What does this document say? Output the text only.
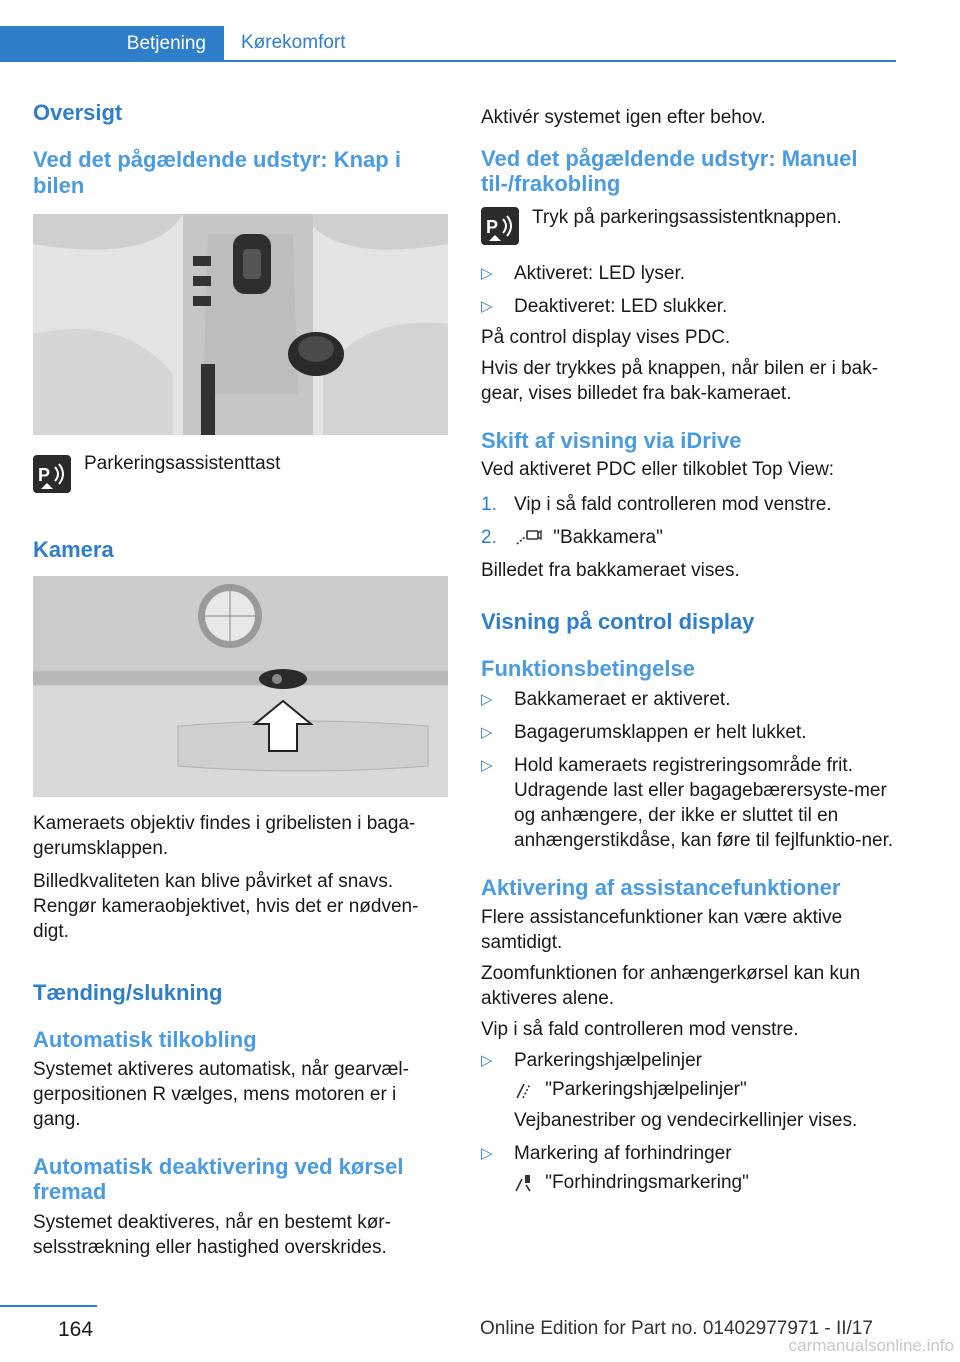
Betjening	Kørekomfort
Oversigt
Ved det pågældende udstyr: Knap i bilen
P

Parkeringsassistenttast

Kamera

Kameraets objektiv findes i gribelisten i baga‐gerumsklappen.

Billedkvaliteten kan blive påvirket af snavs. Rengør kameraobjektivet, hvis det er nødven‐digt.

Tænding/slukning
Automatisk tilkobling

Systemet aktiveres automatisk, når gearvæl‐gerpositionen R vælges, mens motoren er i gang.

Automatisk deaktivering ved kørsel fremad

Systemet deaktiveres, når en bestemt kør‐selsstrækning eller hastighed overskrides.

Aktivér systemet igen efter behov.

Ved det pågældende udstyr: Manuel til-/frakobling
P Tryk på parkeringsassistentknappen.

▷ Aktiveret: LED lyser.
▷ Deaktiveret: LED slukker.

På control display vises PDC.

Hvis der trykkes på knappen, når bilen er i bak‐gear, vises billedet fra bak-kameraet.

Skift af visning via iDrive

Ved aktiveret PDC eller tilkoblet Top View:

1. Vip i så fald controlleren mod venstre.
2.	"Bakkamera"

Billedet fra bakkameraet vises.

Visning på control display
Funktionsbetingelse
▷ Bakkameraet er aktiveret.
▷ Bagagerumsklappen er helt lukket.
▷ Hold kameraets registreringsområde frit. Udragende last eller bagagebærersyste‐mer og anhængere, der ikke er sluttet til en anhængerstikdåse, kan føre til fejlfunktio‐ner.
Aktivering af assistancefunktioner

Flere assistancefunktioner kan være aktive samtidigt.

Zoomfunktionen for anhængerkørsel kan kun aktiveres alene.

Vip i så fald controlleren mod venstre.

▷ Parkeringshjælpelinjer
"Parkeringshjælpelinjer"
Vejbanestriber og vendecirkellinjer vises.
▷ Markering af forhindringer
"Forhindringsmarkering"
164	Online Edition for Part no. 01402977971 - II/17
carmanualsonline.info
